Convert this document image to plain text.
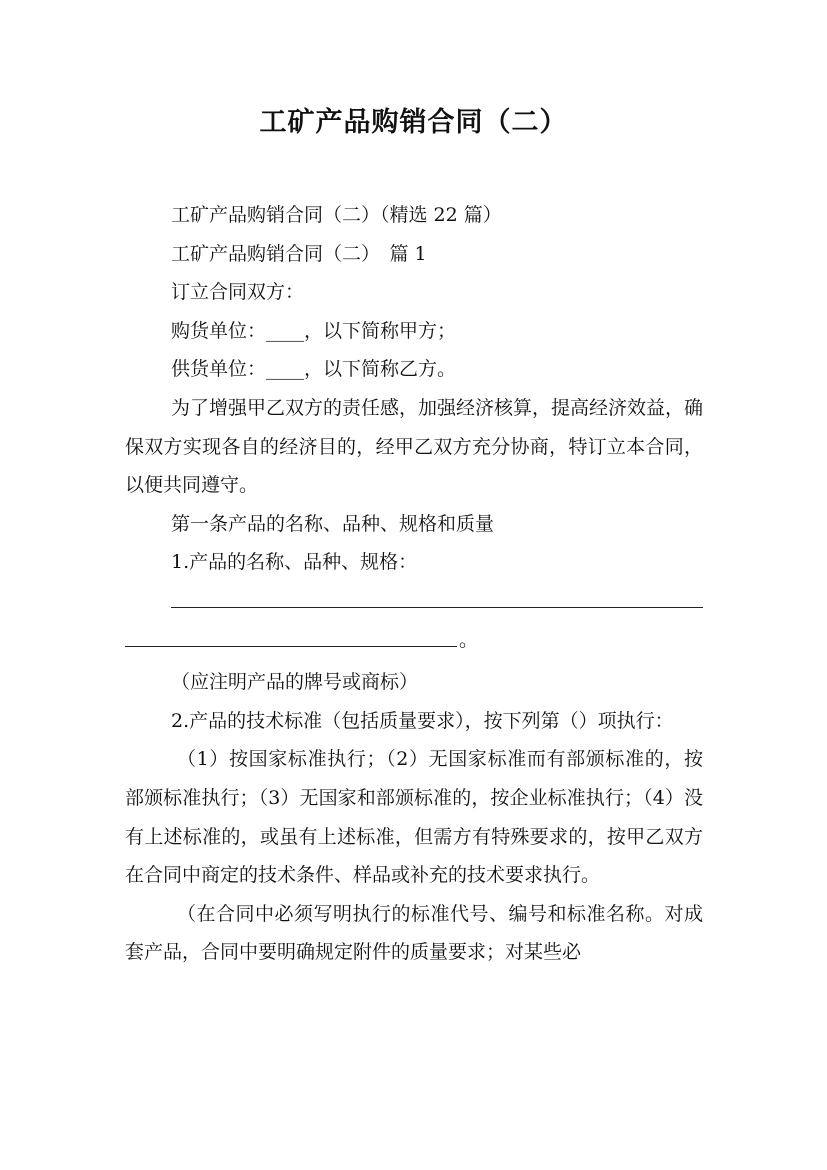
工矿产品购销合同（二）

工矿产品购销合同（二）（精选 22 篇）

工矿产品购销合同（二）　篇 1

订立合同双方：

购货单位：____，以下简称甲方；

供货单位：____，以下简称乙方。

为了增强甲乙双方的责任感，加强经济核算，提高经济效益，确保双方实现各自的经济目的，经甲乙双方充分协商，特订立本合同，以便共同遵守。

第一条产品的名称、品种、规格和质量

1.产品的名称、品种、规格：

。

（应注明产品的牌号或商标）

2.产品的技术标准（包括质量要求），按下列第（）项执行：

（1）按国家标准执行；（2）无国家标准而有部颁标准的，按部颁标准执行；（3）无国家和部颁标准的，按企业标准执行；（4）没有上述标准的，或虽有上述标准，但需方有特殊要求的，按甲乙双方在合同中商定的技术条件、样品或补充的技术要求执行。

（在合同中必须写明执行的标准代号、编号和标准名称。对成套产品，合同中要明确规定附件的质量要求；对某些必
